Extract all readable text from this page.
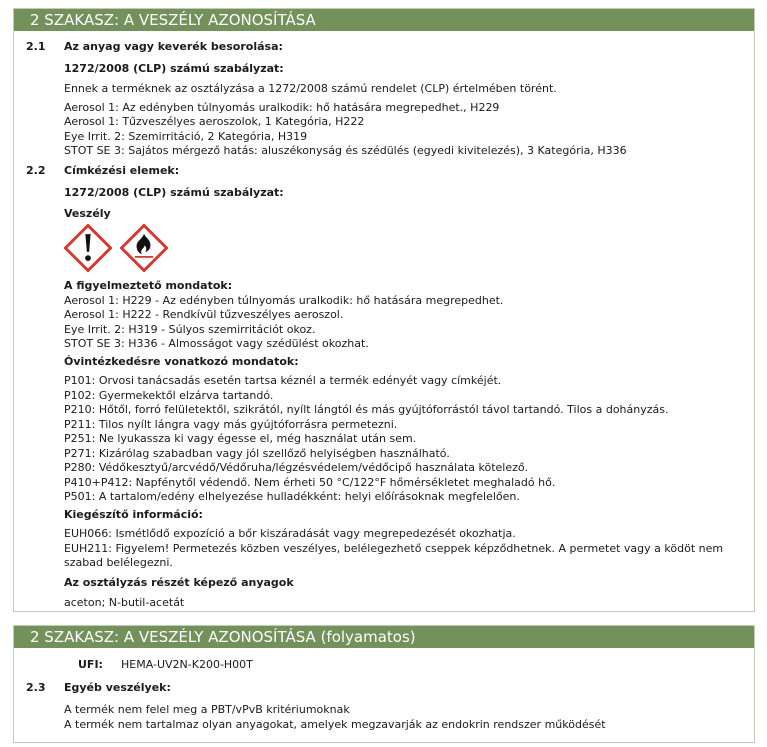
2 SZAKASZ: A VESZÉLY AZONOSÍTÁSA
2.1	Az anyag vagy keverék besorolása:
1272/2008 (CLP) számú szabályzat:
Ennek a terméknek az osztályzása a 1272/2008 számú rendelet (CLP) értelmében törént.
Aerosol 1: Az edényben túlnyomás uralkodik: hő hatására megrepedhet., H229
Aerosol 1: Tűzveszélyes aeroszolok, 1 Kategória, H222
Eye Irrit. 2: Szemirritáció, 2 Kategória, H319
STOT SE 3: Sajátos mérgező hatás: aluszékonyság és szédülés (egyedi kivitelezés), 3 Kategória, H336
2.2	Címkézési elemek:
1272/2008 (CLP) számú szabályzat:
Veszély
A figyelmeztető mondatok:
Aerosol 1: H229 - Az edényben túlnyomás uralkodik: hő hatására megrepedhet.
Aerosol 1: H222 - Rendkívül tűzveszélyes aeroszol.
Eye Irrit. 2: H319 - Súlyos szemirritációt okoz.
STOT SE 3: H336 - Almosságot vagy szédülést okozhat.
Óvintézkedésre vonatkozó mondatok:
P101: Orvosi tanácsadás esetén tartsa kéznél a termék edényét vagy címkéjét.
P102: Gyermekektől elzárva tartandó.
P210: Hőtől, forró felületektől, szikrától, nyílt lángtól és más gyújtóforrástól távol tartandó. Tilos a dohányzás.
P211: Tilos nyílt lángra vagy más gyújtóforrásra permetezni.
P251: Ne lyukassza ki vagy égesse el, még használat után sem.
P271: Kizárólag szabadban vagy jól szellőző helyiségben használható.
P280: Védőkesztyű/arcvédő/Védőruha/légzésvédelem/védőcipő használata kötelező.
P410+P412: Napfénytől védendő. Nem érheti 50 °C/122°F hőmérsékletet meghaladó hő.
P501: A tartalom/edény elhelyezése hulladékként: helyi előírásoknak megfelelően.
Kiegészítő információ:
EUH066: Ismétlődő expozíció a bőr kiszáradását vagy megrepedezését okozhatja.
EUH211: Figyelem! Permetezés közben veszélyes, belélegezhető cseppek képződhetnek. A permetet vagy a ködöt nem szabad belélegezni.
Az osztályzás részét képező anyagok
aceton; N-butil-acetát
2 SZAKASZ: A VESZÉLY AZONOSÍTÁSA (folyamatos)
UFI:	HEMA-UV2N-K200-H00T
2.3	Egyéb veszélyek:
A termék nem felel meg a PBT/vPvB kritériumoknak
A termék nem tartalmaz olyan anyagokat, amelyek megzavarják az endokrin rendszer működését
